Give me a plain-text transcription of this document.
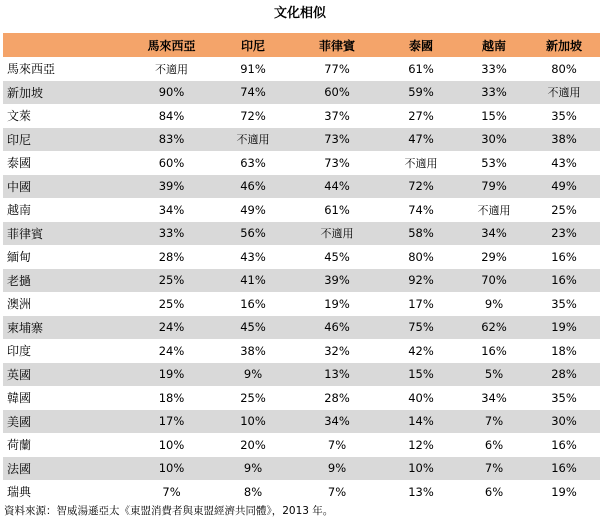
文化相似
	馬來西亞	印尼	菲律賓	泰國	越南	新加坡
馬來西亞	不適用	91%	77%	61%	33%	80%
新加坡	90%	74%	60%	59%	33%	不適用
文萊	84%	72%	37%	27%	15%	35%
印尼	83%	不適用	73%	47%	30%	38%
泰國	60%	63%	73%	不適用	53%	43%
中國	39%	46%	44%	72%	79%	49%
越南	34%	49%	61%	74%	不適用	25%
菲律賓	33%	56%	不適用	58%	34%	23%
緬甸	28%	43%	45%	80%	29%	16%
老撾	25%	41%	39%	92%	70%	16%
澳洲	25%	16%	19%	17%	9%	35%
柬埔寨	24%	45%	46%	75%	62%	19%
印度	24%	38%	32%	42%	16%	18%
英國	19%	9%	13%	15%	5%	28%
韓國	18%	25%	28%	40%	34%	35%
美國	17%	10%	34%	14%	7%	30%
荷蘭	10%	20%	7%	12%	6%	16%
法國	10%	9%	9%	10%	7%	16%
瑞典	7%	8%	7%	13%	6%	19%
資料來源：智威湯遜亞太《東盟消費者與東盟經濟共同體》，2013 年。
